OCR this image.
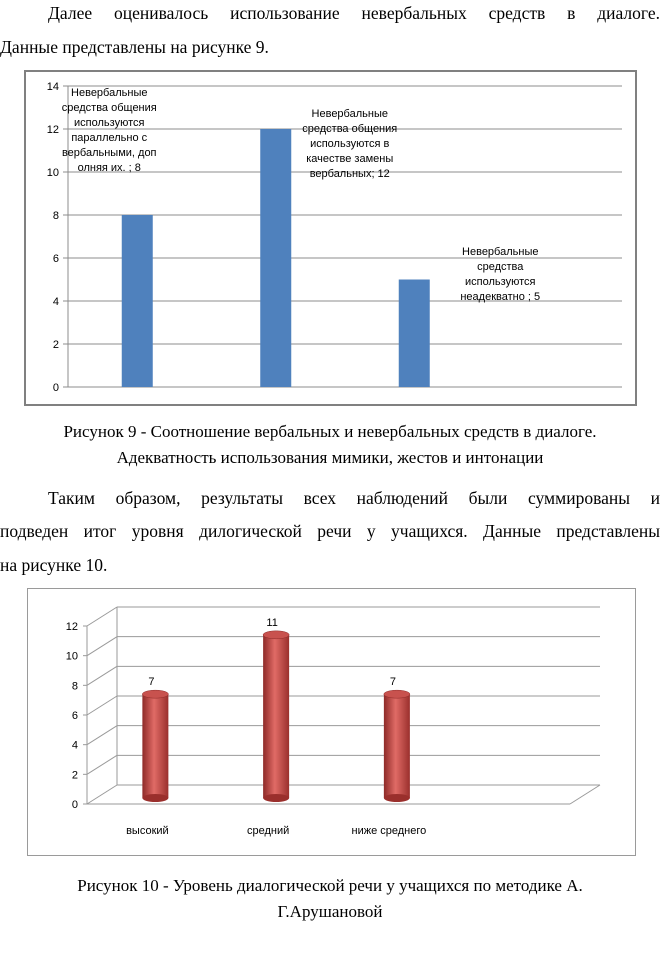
Далее оценивалось использование невербальных средств в диалоге.

Данные представлены на рисунке 9.

0
2
4
6
8
10
12
14 Невербальные
средства общения
используются
параллельно с
вербальными, доп
олняя их. ; 8
Невербальные
средства общения
используются в
качестве замены
вербальных; 12
Невербальные
средства
используются
неадекватно ; 5
Рисунок 9 - Соотношение вербальных и невербальных средств в диалоге.
Адекватность использования мимики, жестов и интонации

Таким образом, результаты всех наблюдений были суммированы и

подведен итог уровня дилогической речи у учащихся. Данные представлены

на рисунке 10.

0
2
4
6
8
10
12
7
высокий
11
средний
7
ниже среднего
Рисунок 10 - Уровень диалогической речи у учащихся по методике А.
Г.Арушановой
